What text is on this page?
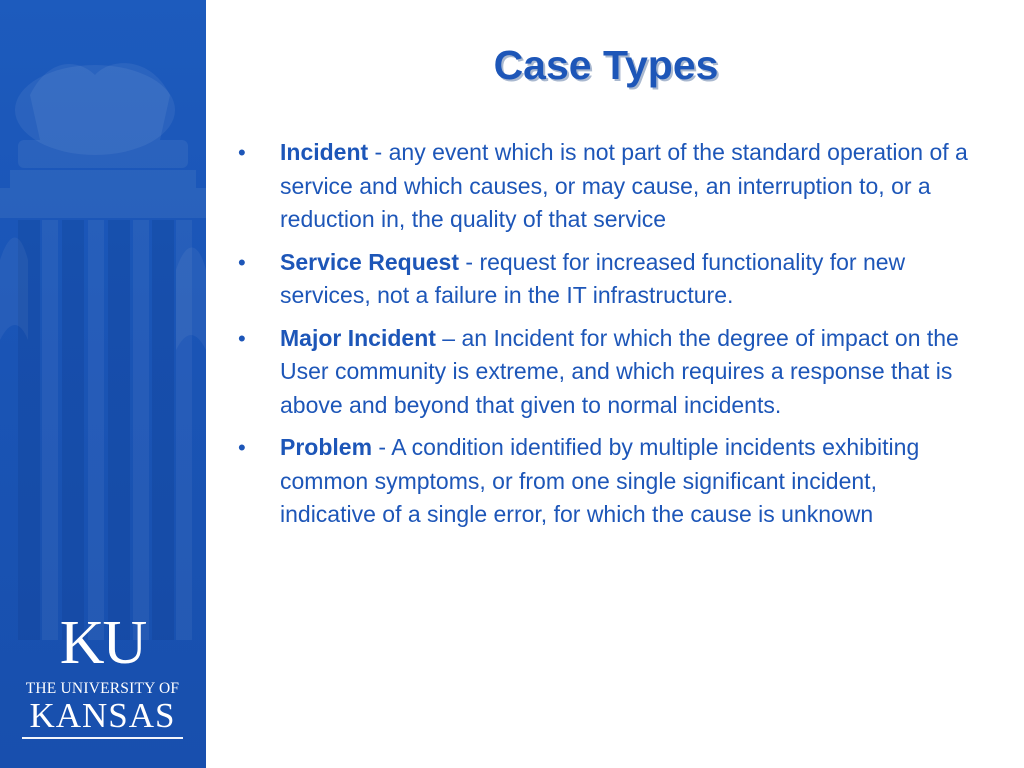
KU
THE UNIVERSITY OF
KANSAS
Case Types
• Incident - any event which is not part of the standard operation of a service and which causes, or may cause, an interruption to, or a reduction in, the quality of that service
• Service Request - request for increased functionality for new services, not a failure in the IT infrastructure.
• Major Incident – an Incident for which the degree of impact on the User community is extreme, and which requires a response that is above and beyond that given to normal incidents.
• Problem - A condition identified by multiple incidents exhibiting common symptoms, or from one single significant incident, indicative of a single error, for which the cause is unknown
